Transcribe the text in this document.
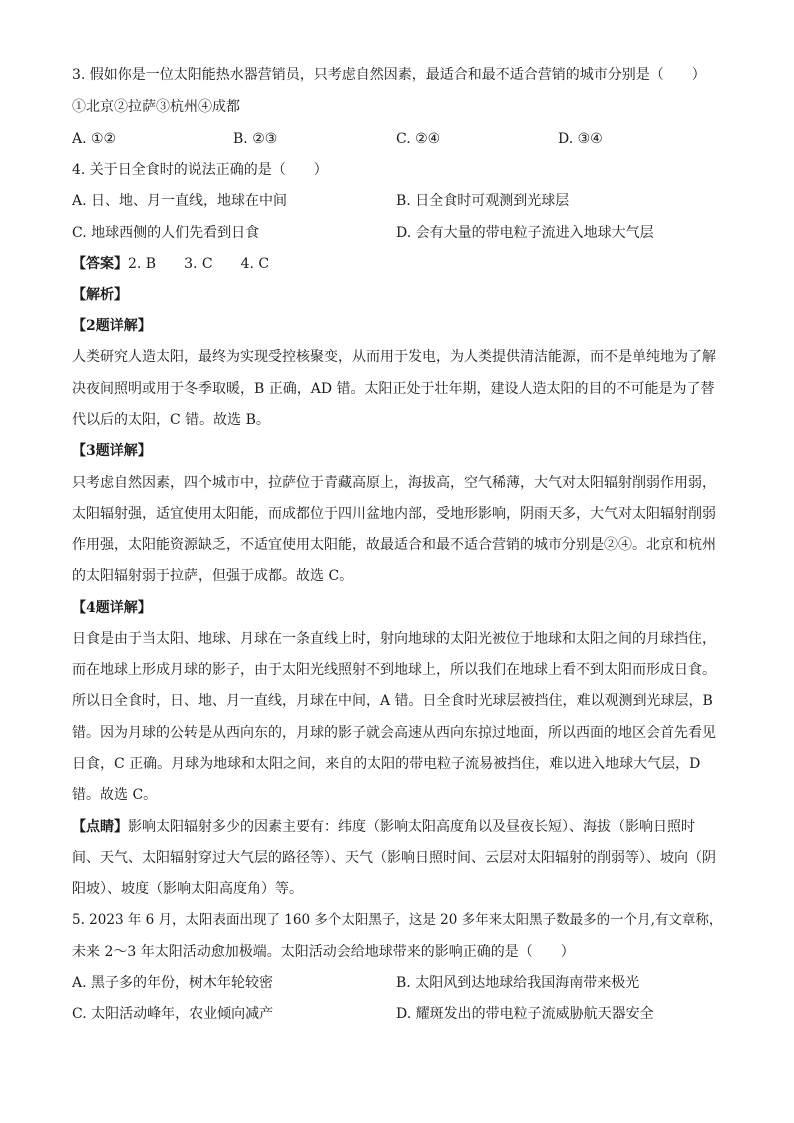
3. 假如你是一位太阳能热水器营销员，只考虑自然因素，最适合和最不适合营销的城市分别是（　　）
①北京②拉萨③杭州④成都
A. ①②	B. ②③	C. ②④	D. ③④
4. 关于日全食时的说法正确的是（　　）
A. 日、地、月一直线，地球在中间	B. 日全食时可观测到光球层
C. 地球西侧的人们先看到日食	D. 会有大量的带电粒子流进入地球大气层
【答案】2. B　　3. C　　4. C
【解析】
【2题详解】
人类研究人造太阳，最终为实现受控核聚变，从而用于发电，为人类提供清洁能源，而不是单纯地为了解
决夜间照明或用于冬季取暖，B 正确，AD 错。太阳正处于壮年期，建设人造太阳的目的不可能是为了替
代以后的太阳，C 错。故选 B。
【3题详解】
只考虑自然因素，四个城市中，拉萨位于青藏高原上，海拔高，空气稀薄，大气对太阳辐射削弱作用弱，
太阳辐射强，适宜使用太阳能，而成都位于四川盆地内部，受地形影响，阴雨天多，大气对太阳辐射削弱
作用强，太阳能资源缺乏，不适宜使用太阳能，故最适合和最不适合营销的城市分别是②④。北京和杭州
的太阳辐射弱于拉萨，但强于成都。故选 C。
【4题详解】
日食是由于当太阳、地球、月球在一条直线上时，射向地球的太阳光被位于地球和太阳之间的月球挡住，
而在地球上形成月球的影子，由于太阳光线照射不到地球上，所以我们在地球上看不到太阳而形成日食。
所以日全食时，日、地、月一直线，月球在中间，A 错。日全食时光球层被挡住，难以观测到光球层，B
错。因为月球的公转是从西向东的，月球的影子就会高速从西向东掠过地面，所以西面的地区会首先看见
日食，C 正确。月球为地球和太阳之间，来自的太阳的带电粒子流易被挡住，难以进入地球大气层，D
错。故选 C。
【点睛】影响太阳辐射多少的因素主要有：纬度（影响太阳高度角以及昼夜长短）、海拔（影响日照时
间、天气、太阳辐射穿过大气层的路径等）、天气（影响日照时间、云层对太阳辐射的削弱等）、坡向（阴
阳坡）、坡度（影响太阳高度角）等。
5. 2023 年 6 月，太阳表面出现了 160 多个太阳黑子，这是 20 多年来太阳黑子数最多的一个月,有文章称，
未来 2～3 年太阳活动愈加极端。太阳活动会给地球带来的影响正确的是（　　）
A. 黑子多的年份，树木年轮较密	B. 太阳风到达地球给我国海南带来极光
C. 太阳活动峰年，农业倾向减产	D. 耀斑发出的带电粒子流威胁航天器安全
